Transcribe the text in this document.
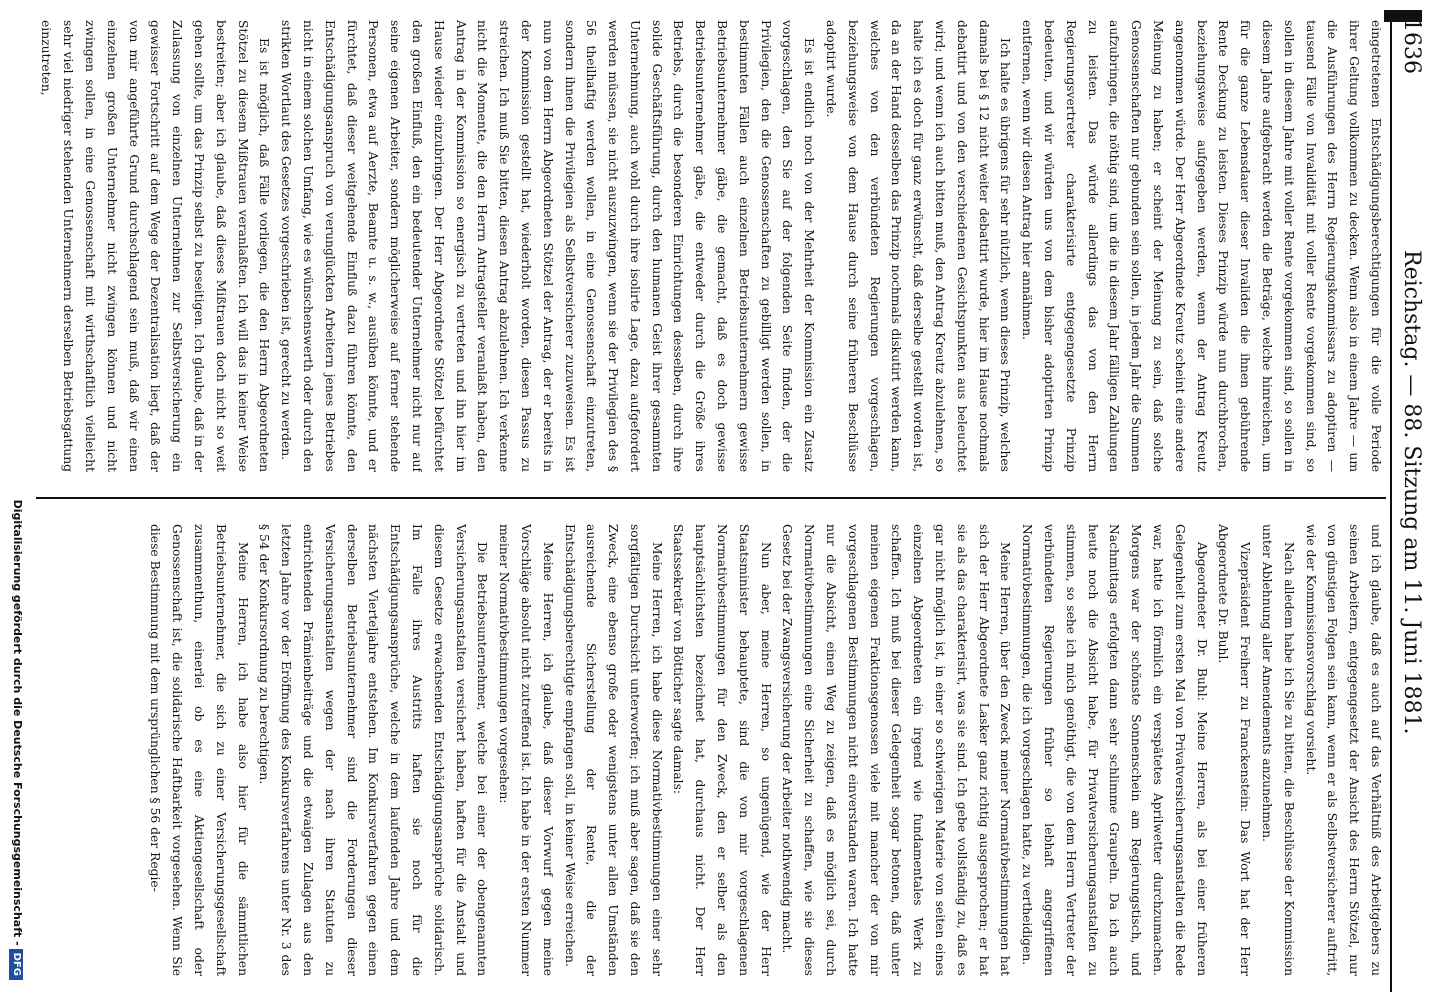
1636
Reichstag. — 88. Sitzung am 11. Juni 1881.

eingetretenen Entschädigungsberechtigungen für die volle Periode ihrer Geltung vollkommen zu decken. Wenn also in einem Jahre — um die Ausführungen des Herrn Regierungskommissars zu adoptiren — tausend Fälle von Invalidität mit voller Rente vorgekommen sind, so sollen in diesem Jahre mit voller Rente vorgekommen sind, so sollen in diesem Jahre aufgebracht werden die Beträge, welche hinreichen, um für die ganze Lebensdauer dieser Invaliden die ihnen gebührende Rente Deckung zu leisten. Dieses Prinzip würde nun durchbrochen, beziehungsweise aufgegeben werden, wenn der Antrag Kreutz angenommen würde. Der Herr Abgeordnete Kreutz scheint eine andere Meinung zu haben; er scheint der Meinung zu sein, daß solche Genossenschaften nur gebunden sein sollen, in jedem Jahr die Summen aufzubringen, die nöthig sind, um die in diesem Jahr fälligen Zahlungen zu leisten. Das würde allerdings das von den Herrn Regierungsvertreter charakterisirte entgegengesetzte Prinzip bedeuten, und wir würden uns von dem bisher adoptirten Prinzip entfernen, wenn wir diesen Antrag hier annähmen.

Ich halte es übrigens für sehr nützlich, wenn dieses Prinzip, welches damals bei § 12 nicht weiter debattirt wurde, hier im Hause nochmals debattirt und von den verschiedenen Gesichtspunkten aus beleuchtet wird; und wenn ich auch bitten muß, den Antrag Kreutz abzulehnen, so halte ich es doch für ganz erwünscht, daß derselbe gestellt worden ist, da an der Hand desselben das Prinzip nochmals diskutirt werden kann, welches von den verbündeten Regierungen vorgeschlagen, beziehungsweise von dem Hause durch seine früheren Beschlüsse adoptirt wurde.

Es ist endlich noch von der Mehrheit der Kommission ein Zusatz vorgeschlagen, den Sie auf der folgenden Seite finden, der die Privilegien, den die Genossenschaften zu gebilligt werden sollen, in bestimmten Fällen auch einzelnen Betriebsunternehmern gewisse Betriebsunternehmer gäbe, die gemacht, daß es doch gewisse Betriebsunternehmer gäbe, die entweder durch die Größe ihres Betriebs, durch die besonderen Einrichtungen desselben, durch ihre solide Geschäftsführung, durch den humanen Geist ihrer gesammten Unternehmung, auch wohl durch ihre isolirte Lage, dazu aufgefordert werden müssen, sie nicht auszuzwingen, wenn sie der Privilegien des § 56 theilhaftig werden wollen, in eine Genossenschaft einzutreten, sondern ihnen die Privilegien als Selbstversicherer zuzuweisen. Es ist nun von dem Herrn Abgeordneten Stötzel der Antrag, der er bereits in der Kommission gestellt hat, wiederholt worden, diesen Passus zu streichen. Ich muß Sie bitten, diesen Antrag abzulehnen. Ich verkenne nicht die Momente, die den Herrn Antragsteller veranlaßt haben, den Antrag in der Kommission so energisch zu vertreten und ihn hier im Hause wieder einzubringen. Der Herr Abgeordnete Stötzel befürchtet den großen Einfluß, den ein bedeutender Unternehmer nicht nur auf seine eigenen Arbeiter, sondern möglicherweise auf ferner stehende Personen, etwa auf Aerzte, Beamte u. s. w., ausüben könnte, und er fürchtet, daß dieser weitgehende Einfluß dazu führen könnte, den Entschädigungsanspruch von verunglückten Arbeitern jenes Betriebes nicht in einem solchen Umfang, wie es wünschenswerth oder durch den strikten Wortlaut des Gesetzes vorgeschrieben ist, gerecht zu werden.

Es ist möglich, daß Fälle vorliegen, die den Herrn Abgeordneten Stötzel zu diesem Mißtrauen veranlaßten. Ich will das in keiner Weise bestreiten; aber ich glaube, daß dieses Mißtrauen doch nicht so weit gehen sollte, um das Prinzip selbst zu beseitigen. Ich glaube, daß in der Zulassung von einzelnen Unternehmen zur Selbstversicherung ein gewisser Fortschritt auf dem Wege der Dezentralisation liegt, daß der von mir angeführte Grund durchschlagend sein muß, daß wir einen einzelnen großen Unternehmer nicht zwingen können und nicht zwingen sollen, in eine Genossenschaft mit wirthschaftlich vielleicht sehr viel niedriger stehenden Unternehmern derselben Betriebsgattung einzutreten,

und ich glaube, daß es auch auf das Verhältniß des Arbeitgebers zu seinen Arbeitern, entgegengesetzt der Ansicht des Herrn Stötzel, nur von günstigen Folgen sein kann, wenn er als Selbstversicherer auftritt, wie der Kommissionsvorschlag vorsieht.

Nach alledem habe ich Sie zu bitten, die Beschlüsse der Kommission unter Ablehnung aller Amendements anzunehmen.

Vizepräsident Freiherr zu Franckenstein: Das Wort hat der Herr Abgeordnete Dr. Buhl.

Abgeordneter Dr. Buhl: Meine Herren, als bei einer früheren Gelegenheit zum ersten Mal von Privatversicherungsanstalten die Rede war, hatte ich förmlich ein verspätetes Aprilwetter durchzumachen. Morgens war der schönste Sonnenschein am Regierungstisch, und Nachmittags erfolgten dann sehr schlimme Graupeln. Da ich auch heute noch die Absicht habe, für Privatversicherungsanstalten zu stimmen, so sehe ich mich genöthigt, die von dem Herrn Vertreter der verbündeten Regierungen früher so lebhaft angegriffenen Normativbestimmungen, die ich vorgeschlagen hatte, zu vertheidigen.

Meine Herren, über den Zweck meiner Normativbestimmungen hat sich der Herr Abgeordnete Lasker ganz richtig ausgesprochen; er hat sie als das charakterisirt, was sie sind. Ich gebe vollständig zu, daß es gar nicht möglich ist, in einer so schwierigen Materie von seiten eines einzelnen Abgeordneten ein irgend wie fundamentales Werk zu schaffen. Ich muß bei dieser Gelegenheit sogar betonen, daß unter meinen eigenen Fraktionsgenossen viele mit mancher der von mir vorgeschlagenen Bestimmungen nicht einverstanden waren. Ich hatte nur die Absicht, einen Weg zu zeigen, daß es möglich sei, durch Normativbestimmungen eine Sicherheit zu schaffen, wie sie dieses Gesetz bei der Zwangsversicherung der Arbeiter nothwendig macht.

Nun aber, meine Herren, so ungenügend, wie der Herr Staatsminister behauptete, sind die von mir vorgeschlagenen Normativbestimmungen für den Zweck, den er selber als den hauptsächlichsten bezeichnet hat, durchaus nicht. Der Herr Staatssekretär von Bötticher sagte damals:

Meine Herren, ich habe diese Normativbestimmungen einer sehr sorgfältigen Durchsicht unterworfen; ich muß aber sagen, daß sie den Zweck, eine ebenso große oder wenigstens unter allen Umständen ausreichende Sicherstellung der Rente, die der Entschädigungsberechtigte empfangen soll, in keiner Weise erreichen.

Meine Herren, ich glaube, daß dieser Vorwurf gegen meine Vorschläge absolut nicht zutreffend ist. Ich habe in der ersten Nummer meiner Normativbestimmungen vorgesehen:

Die Betriebsunternehmer, welche bei einer der obengenannten Versicherungsanstalten versichert haben, haften für die Anstalt und diesem Gesetze erwachsenden Entschädigungsansprüche solidarisch. Im Falle ihres Austritts haften sie noch für die Entschädigungsansprüche, welche in dem laufenden Jahre und dem nächsten Vierteljahre entstehen. Im Konkursverfahren gegen einen derselben Betriebsunternehmer sind die Forderungen dieser Versicherungsanstalten wegen der nach ihren Statuten zu entrichtenden Prämienbeiträge und die etwaigen Zulagen aus den letzten Jahre vor der Eröffnung des Konkursverfahrens unter Nr. 3 des § 54 der Konkursordnung zu berechtigen.

Meine Herren, ich habe also hier für die sämmtlichen Betriebsunternehmer, die sich zu einer Versicherungsgesellschaft zusammenthun, einerlei ob es eine Aktiengesellschaft oder Genossenschaft ist, die solidarische Haftbarkeit vorgesehen. Wenn Sie diese Bestimmung mit dem ursprünglichen § 56 der Regie-

Digitalisierung gefördert durch die Deutsche Forschungsgemeinschaft -DFG
